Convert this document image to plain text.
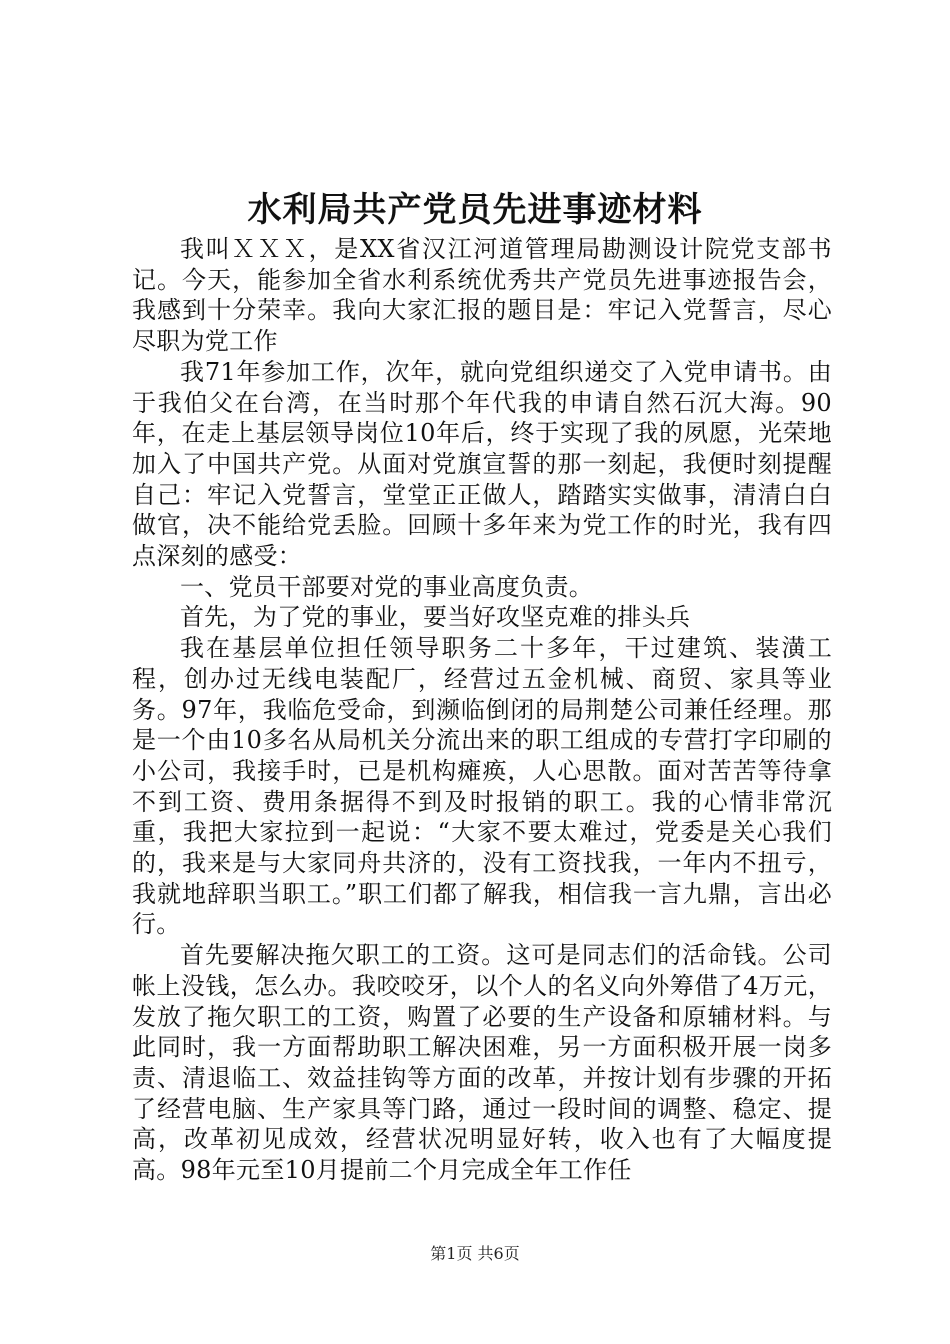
水利局共产党员先进事迹材料

我叫ＸＸＸ，是XX省汉江河道管理局勘测设计院党支部书记。今天，能参加全省水利系统优秀共产党员先进事迹报告会，我感到十分荣幸。我向大家汇报的题目是：牢记入党誓言，尽心尽职为党工作

我71年参加工作，次年，就向党组织递交了入党申请书。由于我伯父在台湾，在当时那个年代我的申请自然石沉大海。90年，在走上基层领导岗位10年后，终于实现了我的夙愿，光荣地加入了中国共产党。从面对党旗宣誓的那一刻起，我便时刻提醒自己：牢记入党誓言，堂堂正正做人，踏踏实实做事，清清白白做官，决不能给党丢脸。回顾十多年来为党工作的时光，我有四点深刻的感受：

一、党员干部要对党的事业高度负责。

首先，为了党的事业，要当好攻坚克难的排头兵

我在基层单位担任领导职务二十多年，干过建筑、装潢工程，创办过无线电装配厂，经营过五金机械、商贸、家具等业务。97年，我临危受命，到濒临倒闭的局荆楚公司兼任经理。那是一个由10多名从局机关分流出来的职工组成的专营打字印刷的小公司，我接手时，已是机构瘫痪，人心思散。面对苦苦等待拿不到工资、费用条据得不到及时报销的职工。我的心情非常沉重，我把大家拉到一起说：“大家不要太难过，党委是关心我们的，我来是与大家同舟共济的，没有工资找我，一年内不扭亏，我就地辞职当职工。”职工们都了解我，相信我一言九鼎，言出必行。

首先要解决拖欠职工的工资。这可是同志们的活命钱。公司帐上没钱，怎么办。我咬咬牙，以个人的名义向外筹借了4万元，发放了拖欠职工的工资，购置了必要的生产设备和原辅材料。与此同时，我一方面帮助职工解决困难，另一方面积极开展一岗多责、清退临工、效益挂钩等方面的改革，并按计划有步骤的开拓了经营电脑、生产家具等门路，通过一段时间的调整、稳定、提高，改革初见成效，经营状况明显好转，收入也有了大幅度提高。98年元至10月提前二个月完成全年工作任

第1页 共6页
